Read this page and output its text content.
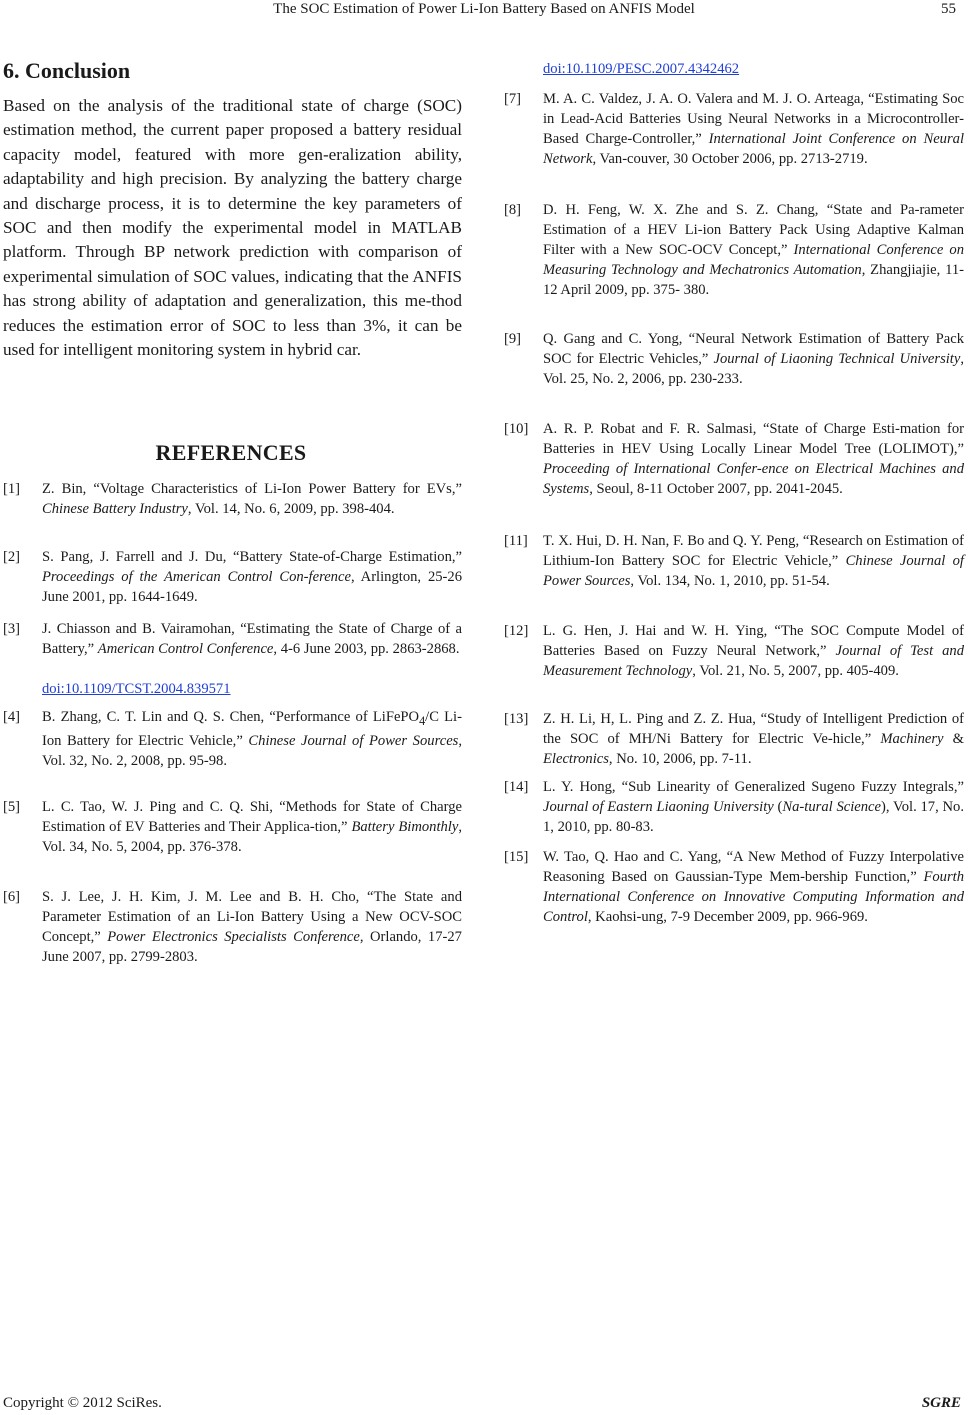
The SOC Estimation of Power Li-Ion Battery Based on ANFIS Model	55
6. Conclusion

Based on the analysis of the traditional state of charge (SOC) estimation method, the current paper proposed a battery residual capacity model, featured with more gen-eralization ability, adaptability and high precision. By analyzing the battery charge and discharge process, it is to determine the key parameters of SOC and then modify the experimental model in MATLAB platform. Through BP network prediction with comparison of experimental simulation of SOC values, indicating that the ANFIS has strong ability of adaptation and generalization, this me-thod reduces the estimation error of SOC to less than 3%, it can be used for intelligent monitoring system in hybrid car.

REFERENCES
[1] Z. Bin, “Voltage Characteristics of Li-Ion Power Battery for EVs,” Chinese Battery Industry, Vol. 14, No. 6, 2009, pp. 398-404.
[2] S. Pang, J. Farrell and J. Du, “Battery State-of-Charge Estimation,” Proceedings of the American Control Con-ference, Arlington, 25-26 June 2001, pp. 1644-1649.
[3] J. Chiasson and B. Vairamohan, “Estimating the State of Charge of a Battery,” American Control Conference, 4-6 June 2003, pp. 2863-2868.
doi:10.1109/TCST.2004.839571
[4] B. Zhang, C. T. Lin and Q. S. Chen, “Performance of LiFePO$_4$/C Li-Ion Battery for Electric Vehicle,” Chinese Journal of Power Sources, Vol. 32, No. 2, 2008, pp. 95-98.
[5] L. C. Tao, W. J. Ping and C. Q. Shi, “Methods for State of Charge Estimation of EV Batteries and Their Applica-tion,” Battery Bimonthly, Vol. 34, No. 5, 2004, pp. 376-378.
[6] S. J. Lee, J. H. Kim, J. M. Lee and B. H. Cho, “The State and Parameter Estimation of an Li-Ion Battery Using a New OCV-SOC Concept,” Power Electronics Specialists Conference, Orlando, 17-27 June 2007, pp. 2799-2803.
doi:10.1109/PESC.2007.4342462
[7] M. A. C. Valdez, J. A. O. Valera and M. J. O. Arteaga, “Estimating Soc in Lead-Acid Batteries Using Neural Networks in a Microcontroller-Based Charge-Controller,” International Joint Conference on Neural Network, Van-couver, 30 October 2006, pp. 2713-2719.
[8] D. H. Feng, W. X. Zhe and S. Z. Chang, “State and Pa-rameter Estimation of a HEV Li-ion Battery Pack Using Adaptive Kalman Filter with a New SOC-OCV Concept,” International Conference on Measuring Technology and Mechatronics Automation, Zhangjiajie, 11-12 April 2009, pp. 375- 380.
[9] Q. Gang and C. Yong, “Neural Network Estimation of Battery Pack SOC for Electric Vehicles,” Journal of Liaoning Technical University, Vol. 25, No. 2, 2006, pp. 230-233.
[10] A. R. P. Robat and F. R. Salmasi, “State of Charge Esti-mation for Batteries in HEV Using Locally Linear Model Tree (LOLIMOT),” Proceeding of International Confer-ence on Electrical Machines and Systems, Seoul, 8-11 October 2007, pp. 2041-2045.
[11] T. X. Hui, D. H. Nan, F. Bo and Q. Y. Peng, “Research on Estimation of Lithium-Ion Battery SOC for Electric Vehicle,” Chinese Journal of Power Sources, Vol. 134, No. 1, 2010, pp. 51-54.
[12] L. G. Hen, J. Hai and W. H. Ying, “The SOC Compute Model of Batteries Based on Fuzzy Neural Network,” Journal of Test and Measurement Technology, Vol. 21, No. 5, 2007, pp. 405-409.
[13] Z. H. Li, H, L. Ping and Z. Z. Hua, “Study of Intelligent Prediction of the SOC of MH/Ni Battery for Electric Ve-hicle,” Machinery & Electronics, No. 10, 2006, pp. 7-11.
[14] L. Y. Hong, “Sub Linearity of Generalized Sugeno Fuzzy Integrals,” Journal of Eastern Liaoning University (Na-tural Science), Vol. 17, No. 1, 2010, pp. 80-83.
[15] W. Tao, Q. Hao and C. Yang, “A New Method of Fuzzy Interpolative Reasoning Based on Gaussian-Type Mem-bership Function,” Fourth International Conference on Innovative Computing Information and Control, Kaohsi-ung, 7-9 December 2009, pp. 966-969.
Copyright © 2012 SciRes.	SGRE
